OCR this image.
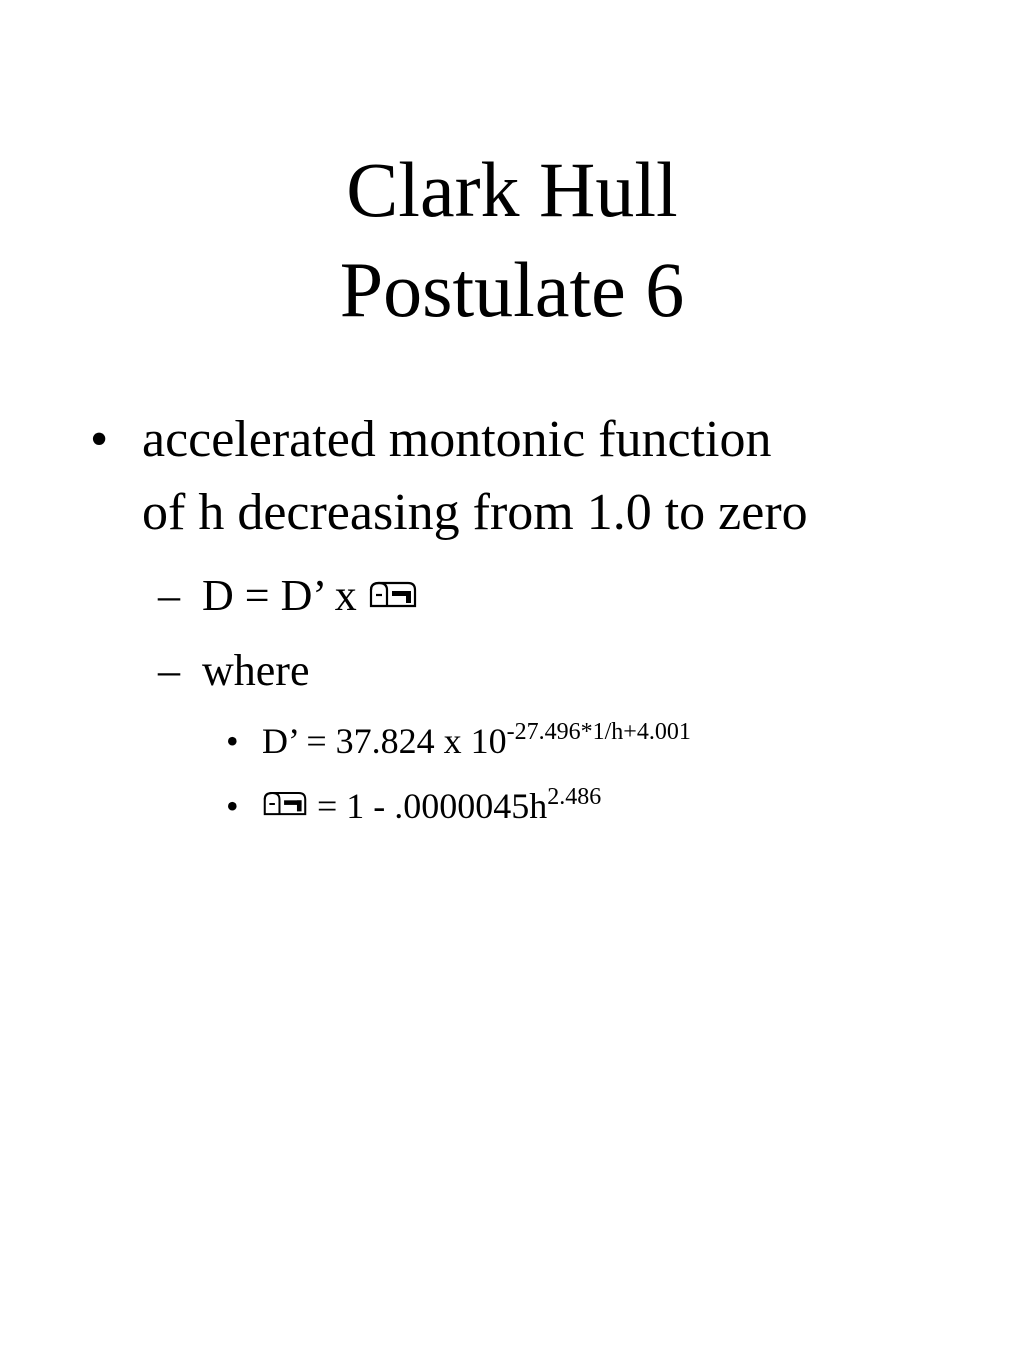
Clark Hull
Postulate 6
• accelerated montonic function
of h decreasing from 1.0 to zero
– D = D’ x
– where
• D’ = 37.824 x $10^{-27.496*1/h+4.001}$
•	= $1 - .0000045h^{2.486}$
